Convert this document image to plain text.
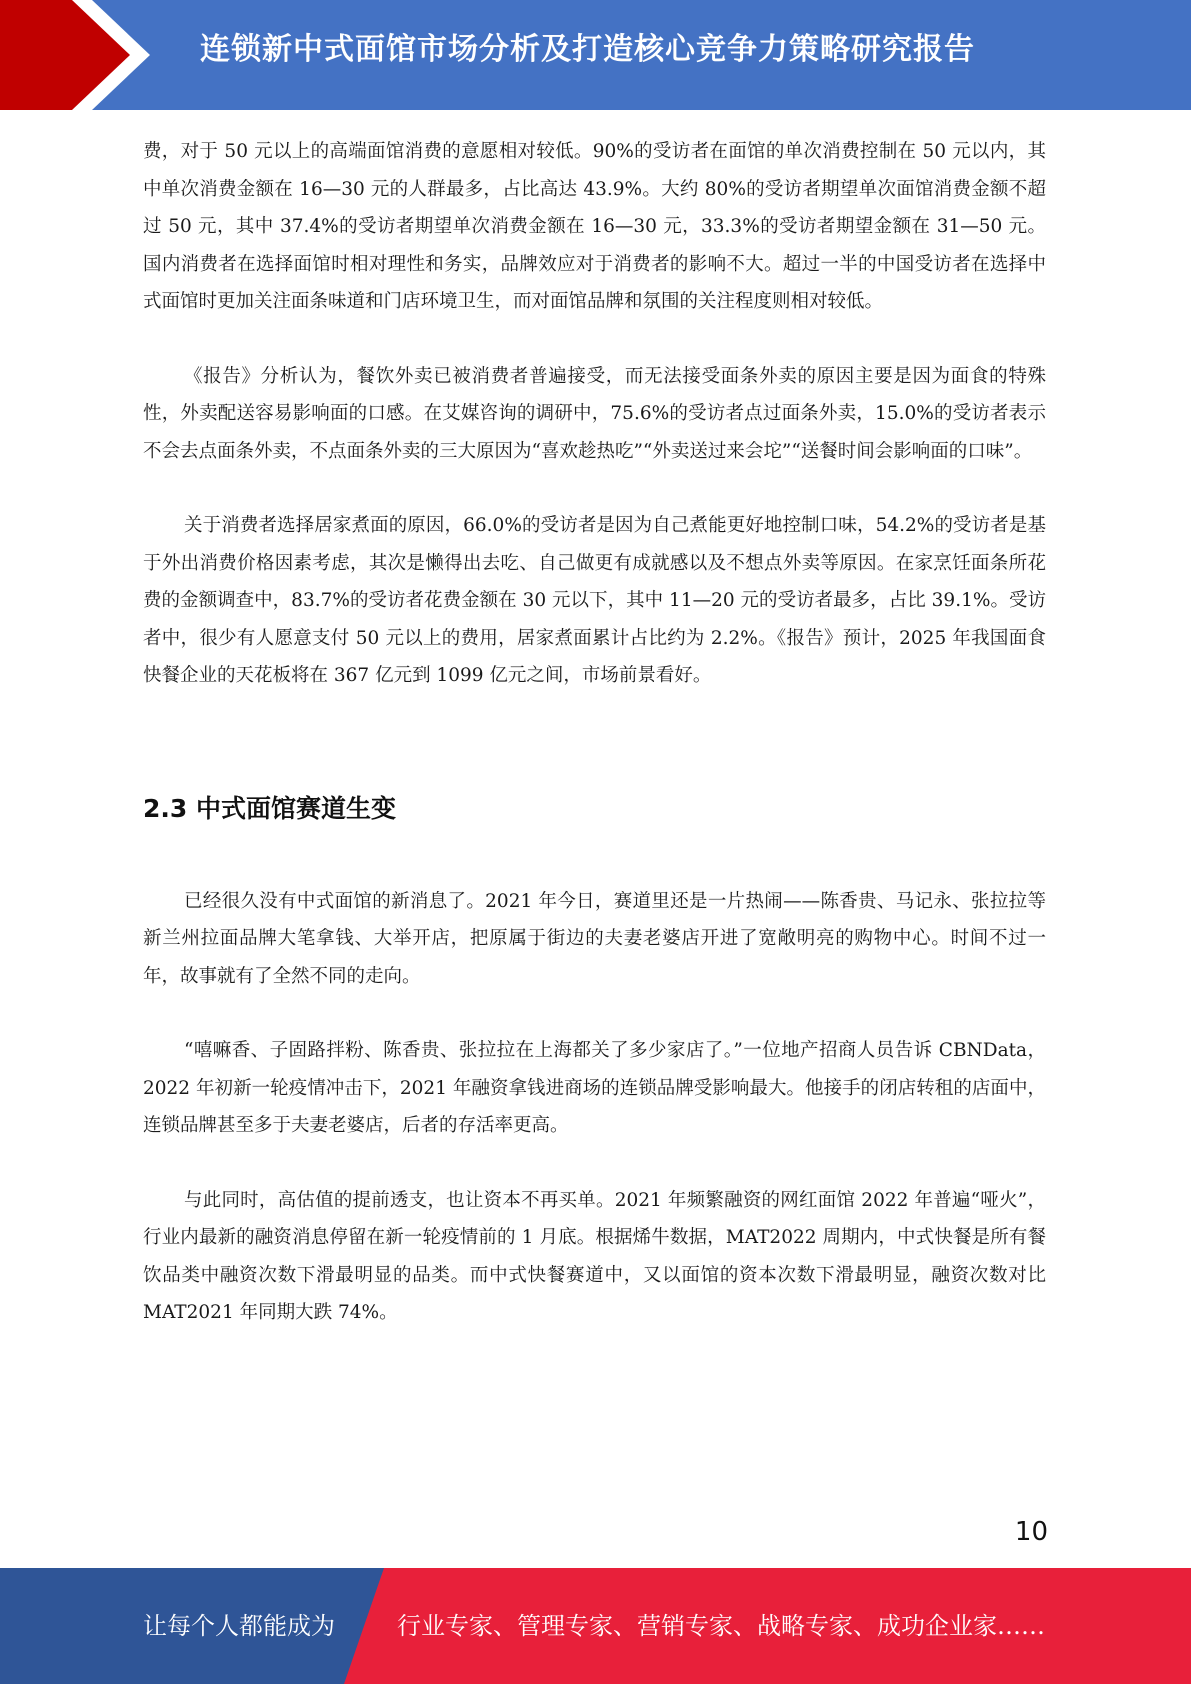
连锁新中式面馆市场分析及打造核心竞争力策略研究报告

费，对于 50 元以上的高端面馆消费的意愿相对较低。90%的受访者在面馆的单次消费控制在 50 元以内，其中单次消费金额在 16—30 元的人群最多，占比高达 43.9%。大约 80%的受访者期望单次面馆消费金额不超过 50 元，其中 37.4%的受访者期望单次消费金额在 16—30 元，33.3%的受访者期望金额在 31—50 元。国内消费者在选择面馆时相对理性和务实，品牌效应对于消费者的影响不大。超过一半的中国受访者在选择中式面馆时更加关注面条味道和门店环境卫生，而对面馆品牌和氛围的关注程度则相对较低。

《报告》分析认为，餐饮外卖已被消费者普遍接受，而无法接受面条外卖的原因主要是因为面食的特殊性，外卖配送容易影响面的口感。在艾媒咨询的调研中，75.6%的受访者点过面条外卖，15.0%的受访者表示不会去点面条外卖，不点面条外卖的三大原因为“喜欢趁热吃”“外卖送过来会坨”“送餐时间会影响面的口味”。

关于消费者选择居家煮面的原因，66.0%的受访者是因为自己煮能更好地控制口味，54.2%的受访者是基于外出消费价格因素考虑，其次是懒得出去吃、自己做更有成就感以及不想点外卖等原因。在家烹饪面条所花费的金额调查中，83.7%的受访者花费金额在 30 元以下，其中 11—20 元的受访者最多，占比 39.1%。受访者中，很少有人愿意支付 50 元以上的费用，居家煮面累计占比约为 2.2%。《报告》预计，2025 年我国面食快餐企业的天花板将在 367 亿元到 1099 亿元之间，市场前景看好。

2.3 中式面馆赛道生变

已经很久没有中式面馆的新消息了。2021 年今日，赛道里还是一片热闹——陈香贵、马记永、张拉拉等新兰州拉面品牌大笔拿钱、大举开店，把原属于街边的夫妻老婆店开进了宽敞明亮的购物中心。时间不过一年，故事就有了全然不同的走向。

“嘻嘛香、子固路拌粉、陈香贵、张拉拉在上海都关了多少家店了。”一位地产招商人员告诉 CBNData，2022 年初新一轮疫情冲击下，2021 年融资拿钱进商场的连锁品牌受影响最大。他接手的闭店转租的店面中，连锁品牌甚至多于夫妻老婆店，后者的存活率更高。

与此同时，高估值的提前透支，也让资本不再买单。2021 年频繁融资的网红面馆 2022 年普遍“哑火”，行业内最新的融资消息停留在新一轮疫情前的 1 月底。根据烯牛数据，MAT2022 周期内，中式快餐是所有餐饮品类中融资次数下滑最明显的品类。而中式快餐赛道中，又以面馆的资本次数下滑最明显，融资次数对比 MAT2021 年同期大跌 74%。

10
让每个人都能成为	行业专家、管理专家、营销专家、战略专家、成功企业家……
